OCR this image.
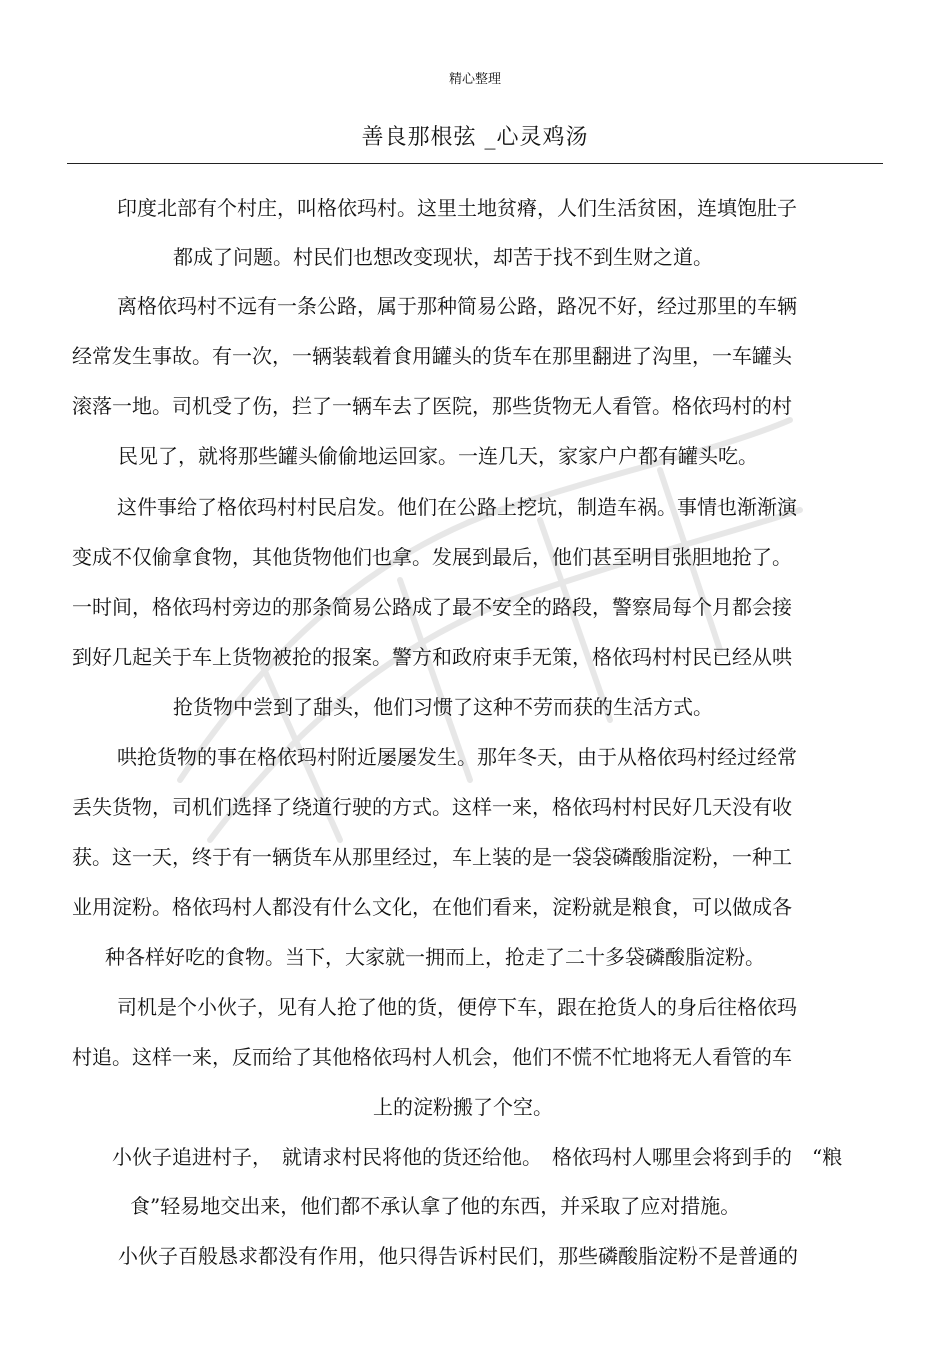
精心整理
善良那根弦 _心灵鸡汤
印度北部有个村庄，叫格依玛村。这里土地贫瘠，人们生活贫困，连填饱肚子
都成了问题。村民们也想改变现状，却苦于找不到生财之道。
离格依玛村不远有一条公路，属于那种简易公路，路况不好，经过那里的车辆
经常发生事故。有一次，一辆装载着食用罐头的货车在那里翻进了沟里，一车罐头
滚落一地。司机受了伤，拦了一辆车去了医院，那些货物无人看管。格依玛村的村
民见了，就将那些罐头偷偷地运回家。一连几天，家家户户都有罐头吃。
这件事给了格依玛村村民启发。他们在公路上挖坑，制造车祸。事情也渐渐演
变成不仅偷拿食物，其他货物他们也拿。发展到最后，他们甚至明目张胆地抢了。
一时间，格依玛村旁边的那条简易公路成了最不安全的路段，警察局每个月都会接
到好几起关于车上货物被抢的报案。警方和政府束手无策，格依玛村村民已经从哄
抢货物中尝到了甜头，他们习惯了这种不劳而获的生活方式。
哄抢货物的事在格依玛村附近屡屡发生。那年冬天，由于从格依玛村经过经常
丢失货物，司机们选择了绕道行驶的方式。这样一来，格依玛村村民好几天没有收
获。这一天，终于有一辆货车从那里经过，车上装的是一袋袋磷酸脂淀粉，一种工
业用淀粉。格依玛村人都没有什么文化，在他们看来，淀粉就是粮食，可以做成各
种各样好吃的食物。当下，大家就一拥而上，抢走了二十多袋磷酸脂淀粉。
司机是个小伙子，见有人抢了他的货，便停下车，跟在抢货人的身后往格依玛
村追。这样一来，反而给了其他格依玛村人机会，他们不慌不忙地将无人看管的车
上的淀粉搬了个空。
小伙子追进村子，　就请求村民将他的货还给他。　格依玛村人哪里会将到手的　“粮
食”轻易地交出来，他们都不承认拿了他的东西，并采取了应对措施。
小伙子百般恳求都没有作用，他只得告诉村民们，那些磷酸脂淀粉不是普通的
